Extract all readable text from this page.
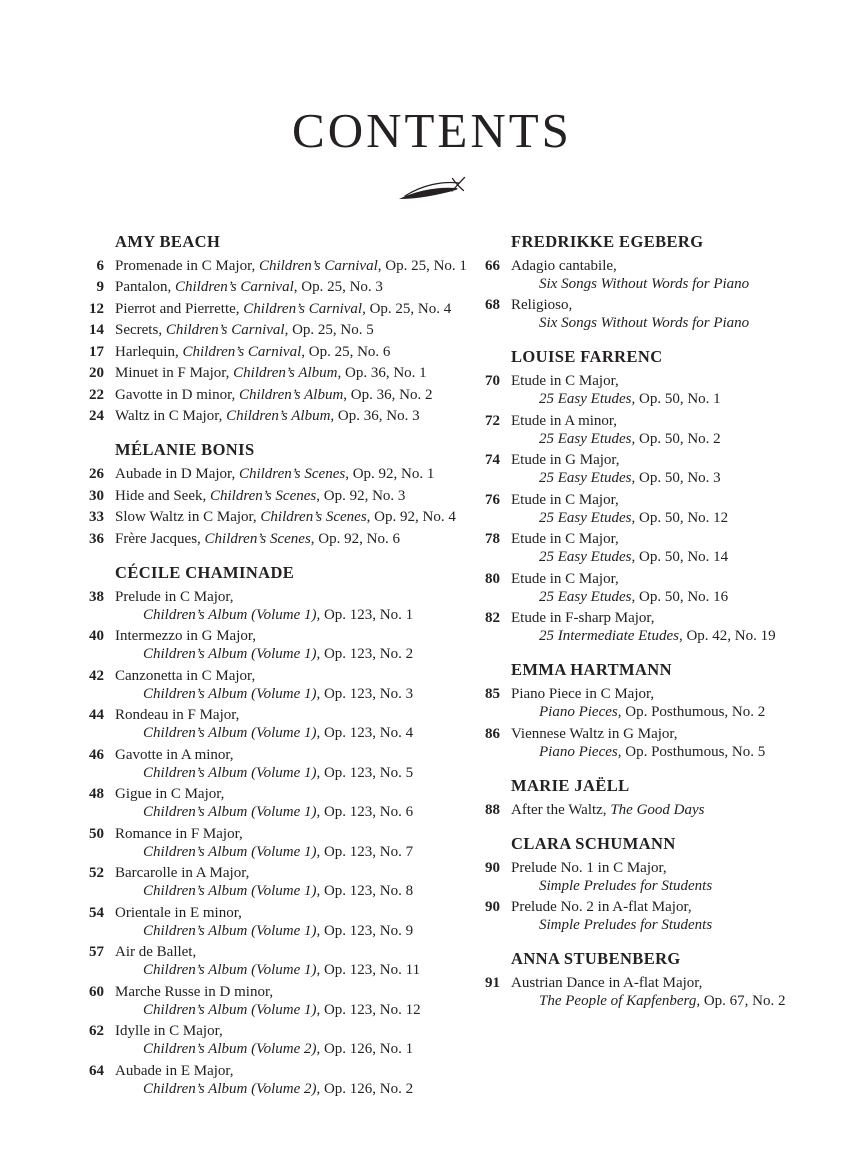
CONTENTS
AMY BEACH
6 Promenade in C Major, Children’s Carnival, Op. 25, No. 1
9 Pantalon, Children’s Carnival, Op. 25, No. 3
12 Pierrot and Pierrette, Children’s Carnival, Op. 25, No. 4
14 Secrets, Children’s Carnival, Op. 25, No. 5
17 Harlequin, Children’s Carnival, Op. 25, No. 6
20 Minuet in F Major, Children’s Album, Op. 36, No. 1
22 Gavotte in D minor, Children’s Album, Op. 36, No. 2
24 Waltz in C Major, Children’s Album, Op. 36, No. 3
MÉLANIE BONIS
26 Aubade in D Major, Children’s Scenes, Op. 92, No. 1
30 Hide and Seek, Children’s Scenes, Op. 92, No. 3
33 Slow Waltz in C Major, Children’s Scenes, Op. 92, No. 4
36 Frère Jacques, Children’s Scenes, Op. 92, No. 6
CÉCILE CHAMINADE
38 Prelude in C Major,
Children’s Album (Volume 1), Op. 123, No. 1
40 Intermezzo in G Major,
Children’s Album (Volume 1), Op. 123, No. 2
42 Canzonetta in C Major,
Children’s Album (Volume 1), Op. 123, No. 3
44 Rondeau in F Major,
Children’s Album (Volume 1), Op. 123, No. 4
46 Gavotte in A minor,
Children’s Album (Volume 1), Op. 123, No. 5
48 Gigue in C Major,
Children’s Album (Volume 1), Op. 123, No. 6
50 Romance in F Major,
Children’s Album (Volume 1), Op. 123, No. 7
52 Barcarolle in A Major,
Children’s Album (Volume 1), Op. 123, No. 8
54 Orientale in E minor,
Children’s Album (Volume 1), Op. 123, No. 9
57 Air de Ballet,
Children’s Album (Volume 1), Op. 123, No. 11
60 Marche Russe in D minor,
Children’s Album (Volume 1), Op. 123, No. 12
62 Idylle in C Major,
Children’s Album (Volume 2), Op. 126, No. 1
64 Aubade in E Major,
Children’s Album (Volume 2), Op. 126, No. 2
FREDRIKKE EGEBERG
66 Adagio cantabile,
Six Songs Without Words for Piano
68 Religioso,
Six Songs Without Words for Piano
LOUISE FARRENC
70 Etude in C Major,
25 Easy Etudes, Op. 50, No. 1
72 Etude in A minor,
25 Easy Etudes, Op. 50, No. 2
74 Etude in G Major,
25 Easy Etudes, Op. 50, No. 3
76 Etude in C Major,
25 Easy Etudes, Op. 50, No. 12
78 Etude in C Major,
25 Easy Etudes, Op. 50, No. 14
80 Etude in C Major,
25 Easy Etudes, Op. 50, No. 16
82 Etude in F-sharp Major,
25 Intermediate Etudes, Op. 42, No. 19
EMMA HARTMANN
85 Piano Piece in C Major,
Piano Pieces, Op. Posthumous, No. 2
86 Viennese Waltz in G Major,
Piano Pieces, Op. Posthumous, No. 5
MARIE JAËLL
88 After the Waltz, The Good Days
CLARA SCHUMANN
90 Prelude No. 1 in C Major,
Simple Preludes for Students
90 Prelude No. 2 in A-flat Major,
Simple Preludes for Students
ANNA STUBENBERG
91 Austrian Dance in A-flat Major,
The People of Kapfenberg, Op. 67, No. 2
